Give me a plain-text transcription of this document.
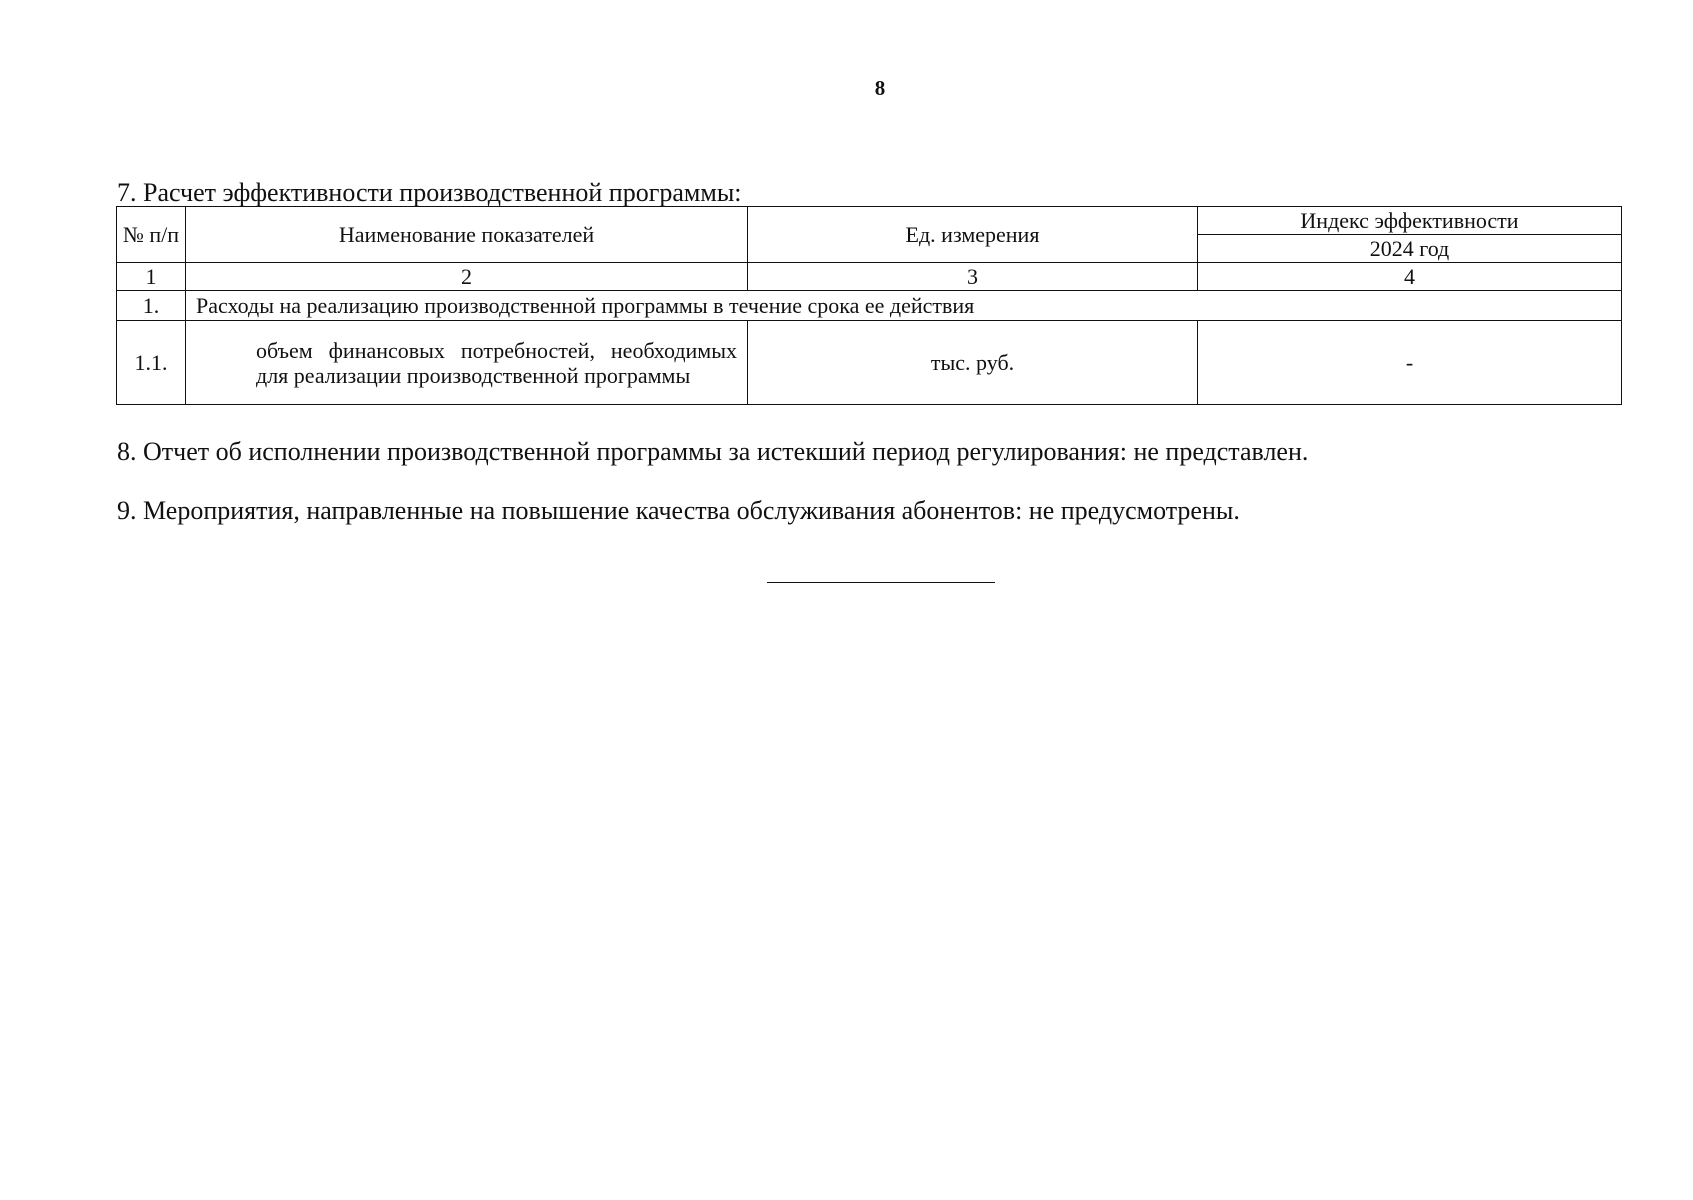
8
7. Расчет эффективности производственной программы:
№ п/п	Наименование показателей	Ед. измерения	Индекс эффективности
			2024 год
1	2	3	4
1.	Расходы на реализацию производственной программы в течение срока ее действия		
1.1.	объем финансовых потребностей, необходимых для реализации производственной программы	тыс. руб.	-
8. Отчет об исполнении производственной программы за истекший период регулирования: не представлен.
9. Мероприятия, направленные на повышение качества обслуживания абонентов: не предусмотрены.
